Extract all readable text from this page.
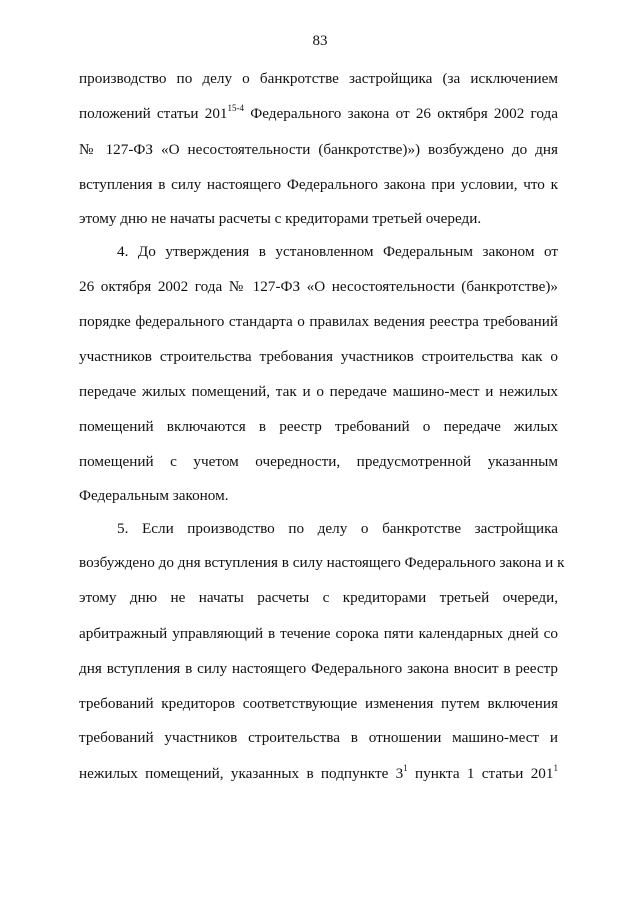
83
производство по делу о банкротстве застройщика (за исключением
положений статьи 201$^{15-4}$ Федерального закона от 26 октября 2002 года
№ 127-ФЗ «О несостоятельности (банкротстве)») возбуждено до дня
вступления в силу настоящего Федерального закона при условии, что к
этому дню не начаты расчеты с кредиторами третьей очереди.
4. До утверждения в установленном Федеральным законом от
26 октября 2002 года № 127-ФЗ «О несостоятельности (банкротстве)»
порядке федерального стандарта о правилах ведения реестра требований
участников строительства требования участников строительства как о
передаче жилых помещений, так и о передаче машино-мест и нежилых
помещений включаются в реестр требований о передаче жилых
помещений с учетом очередности, предусмотренной указанным
Федеральным законом.
5. Если производство по делу о банкротстве застройщика
возбуждено до дня вступления в силу настоящего Федерального закона и к
этому дню не начаты расчеты с кредиторами третьей очереди,
арбитражный управляющий в течение сорока пяти календарных дней со
дня вступления в силу настоящего Федерального закона вносит в реестр
требований кредиторов соответствующие изменения путем включения
требований участников строительства в отношении машино-мест и
нежилых помещений, указанных в подпункте $3^1$ пункта 1 статьи $201^1$
